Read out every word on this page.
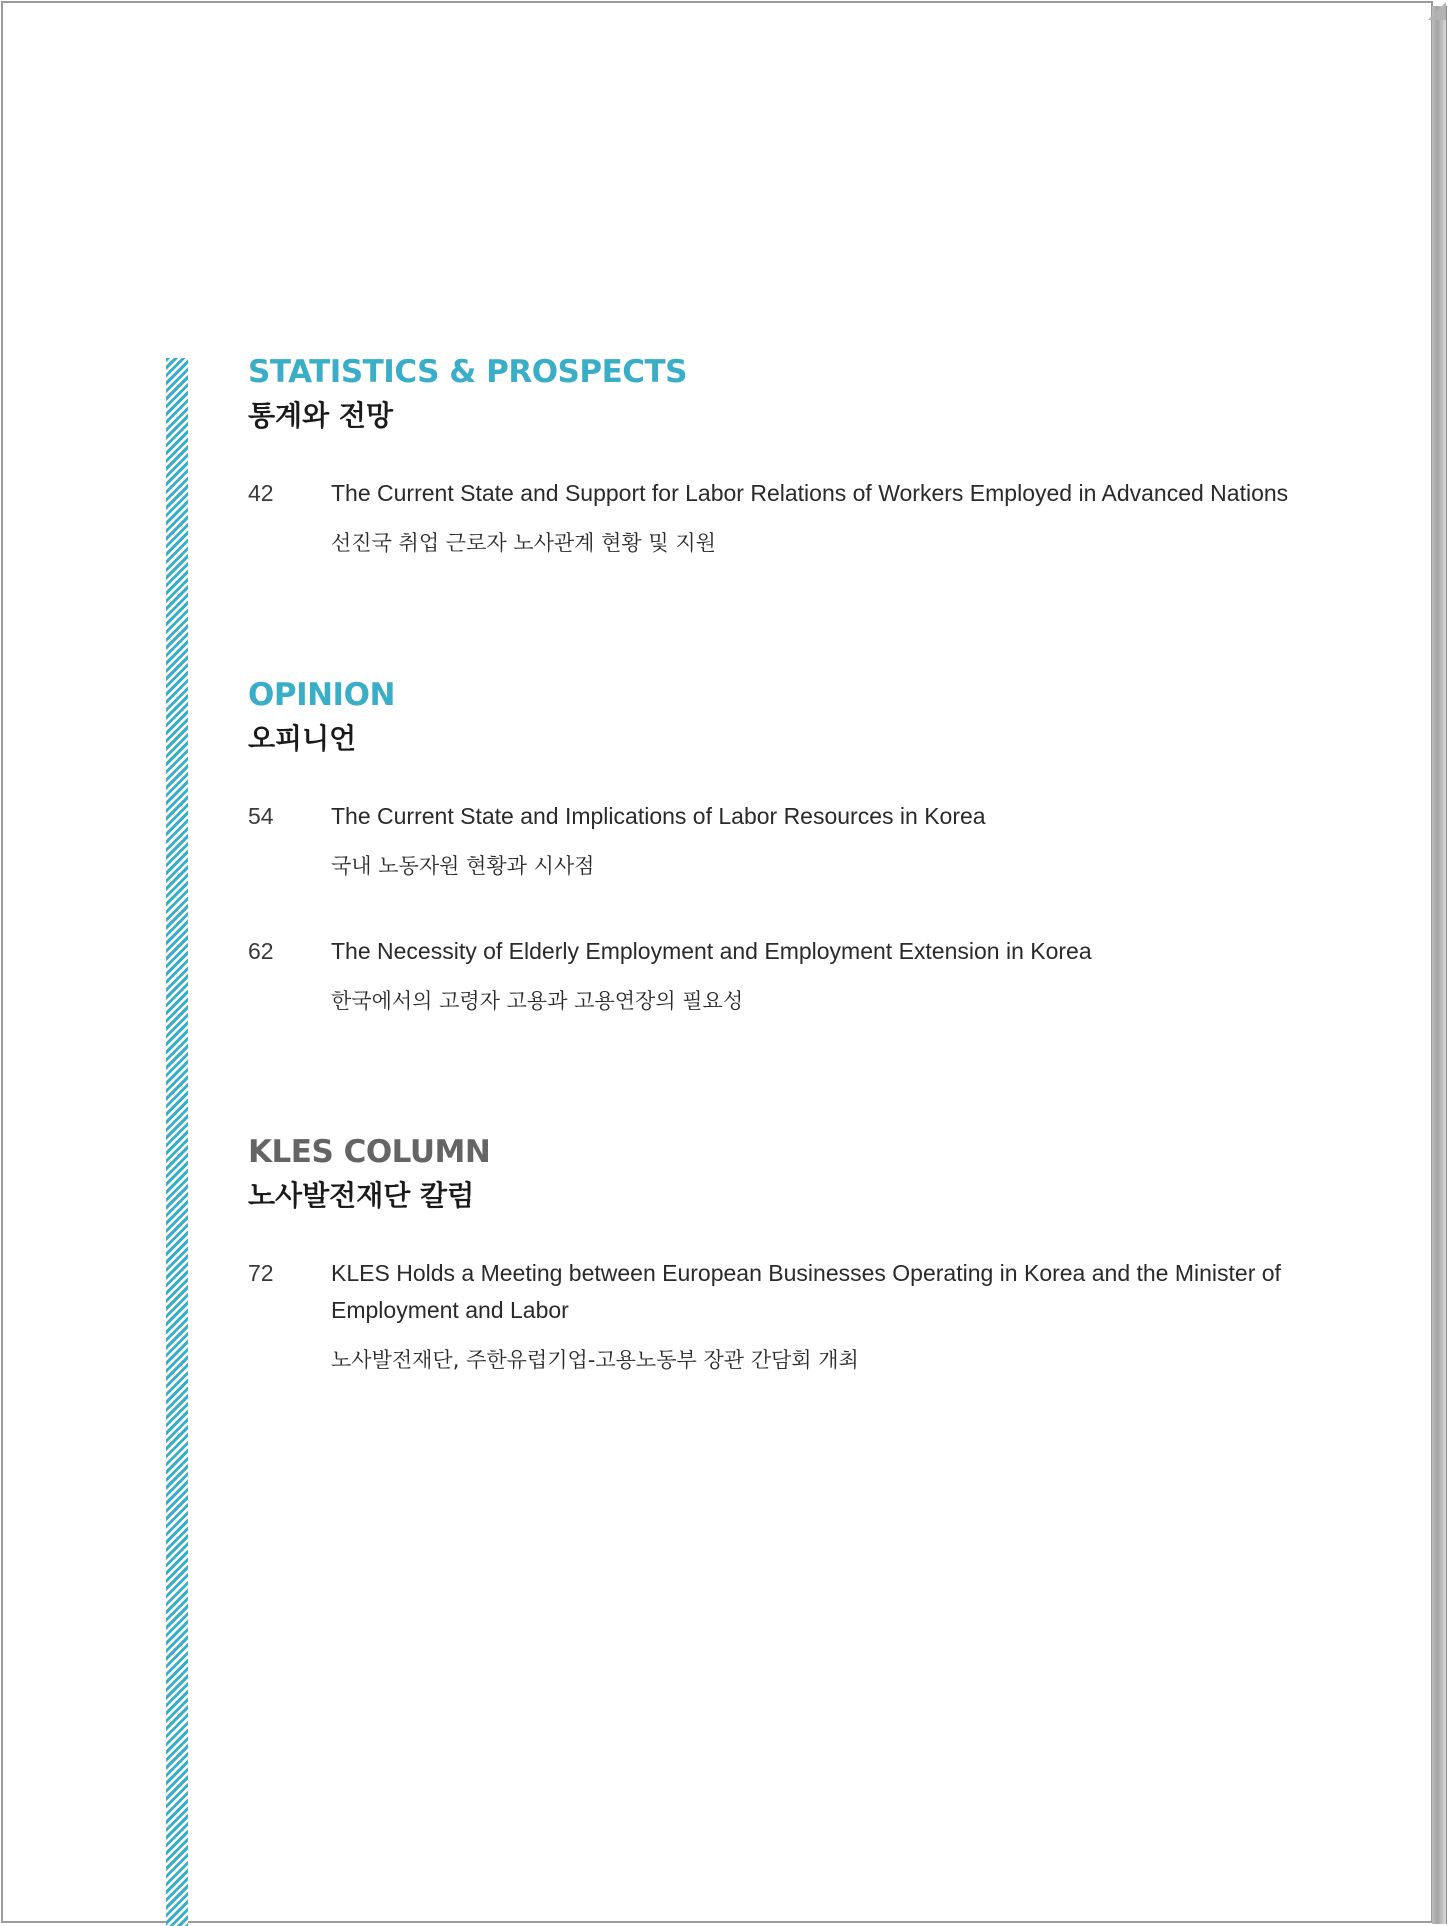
STATISTICS & PROSPECTS
통계와 전망
42 The Current State and Support for Labor Relations of Workers Employed in Advanced Nations
선진국 취업 근로자 노사관계 현황 및 지원
OPINION
오피니언
54 The Current State and Implications of Labor Resources in Korea
국내 노동자원 현황과 시사점
62 The Necessity of Elderly Employment and Employment Extension in Korea
한국에서의 고령자 고용과 고용연장의 필요성
KLES COLUMN
노사발전재단 칼럼
72 KLES Holds a Meeting between European Businesses Operating in Korea and the Minister of Employment and Labor
노사발전재단, 주한유럽기업-고용노동부 장관 간담회 개최
